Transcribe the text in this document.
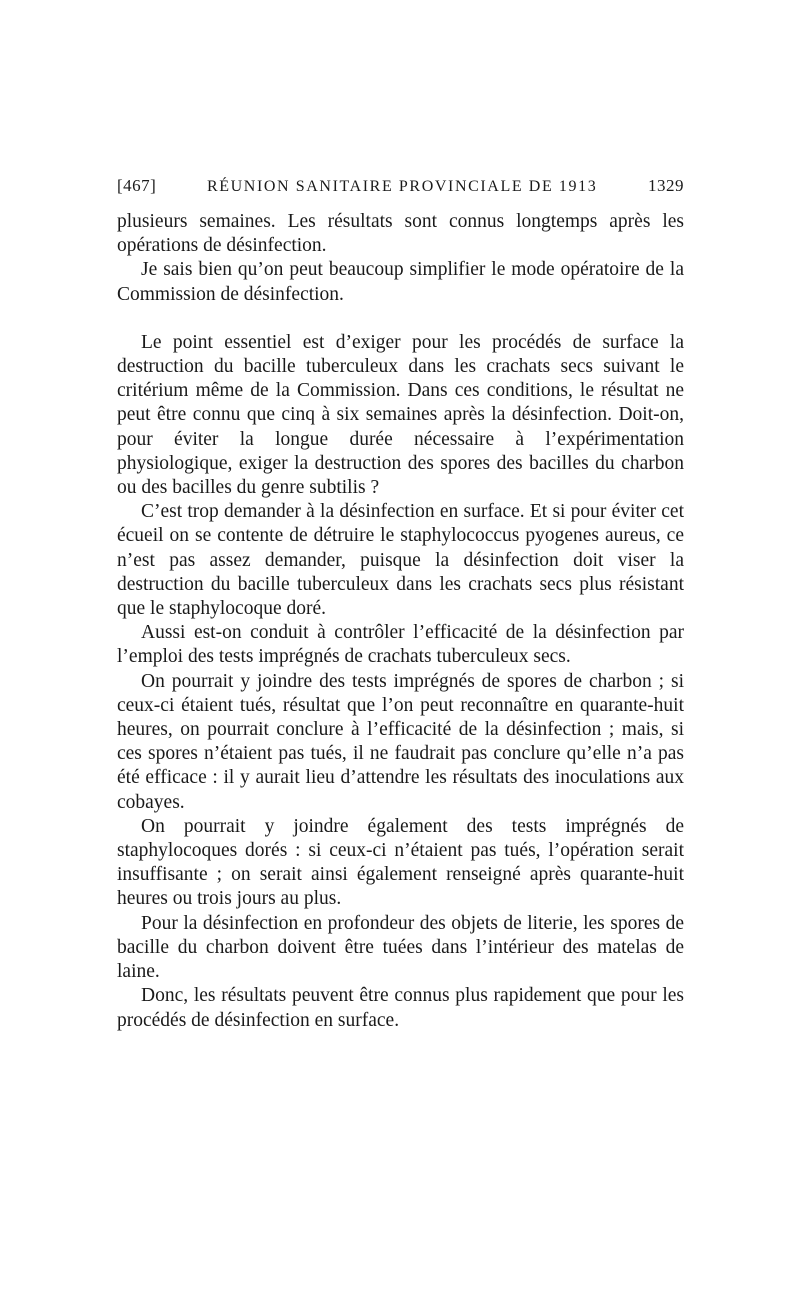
[467]	RÉUNION SANITAIRE PROVINCIALE DE 1913	1329

plusieurs semaines. Les résultats sont connus longtemps après les opérations de désinfection.

Je sais bien qu’on peut beaucoup simplifier le mode opératoire de la Commission de désinfection.

Le point essentiel est d’exiger pour les procédés de surface la destruction du bacille tuberculeux dans les crachats secs suivant le critérium même de la Commission. Dans ces conditions, le résultat ne peut être connu que cinq à six semaines après la désinfection. Doit-on, pour éviter la longue durée nécessaire à l’expérimentation physiologique, exiger la destruction des spores des bacilles du charbon ou des bacilles du genre subtilis ?

C’est trop demander à la désinfection en surface. Et si pour éviter cet écueil on se contente de détruire le staphylococcus pyogenes aureus, ce n’est pas assez demander, puisque la désinfection doit viser la destruction du bacille tuberculeux dans les crachats secs plus résistant que le staphylocoque doré.

Aussi est-on conduit à contrôler l’efficacité de la désinfection par l’emploi des tests imprégnés de crachats tuberculeux secs.

On pourrait y joindre des tests imprégnés de spores de charbon ; si ceux-ci étaient tués, résultat que l’on peut reconnaître en quarante-huit heures, on pourrait conclure à l’efficacité de la désinfection ; mais, si ces spores n’étaient pas tués, il ne faudrait pas conclure qu’elle n’a pas été efficace : il y aurait lieu d’attendre les résultats des inoculations aux cobayes.

On pourrait y joindre également des tests imprégnés de staphylocoques dorés : si ceux-ci n’étaient pas tués, l’opération serait insuffisante ; on serait ainsi également renseigné après quarante-huit heures ou trois jours au plus.

Pour la désinfection en profondeur des objets de literie, les spores de bacille du charbon doivent être tuées dans l’intérieur des matelas de laine.

Donc, les résultats peuvent être connus plus rapidement que pour les procédés de désinfection en surface.
